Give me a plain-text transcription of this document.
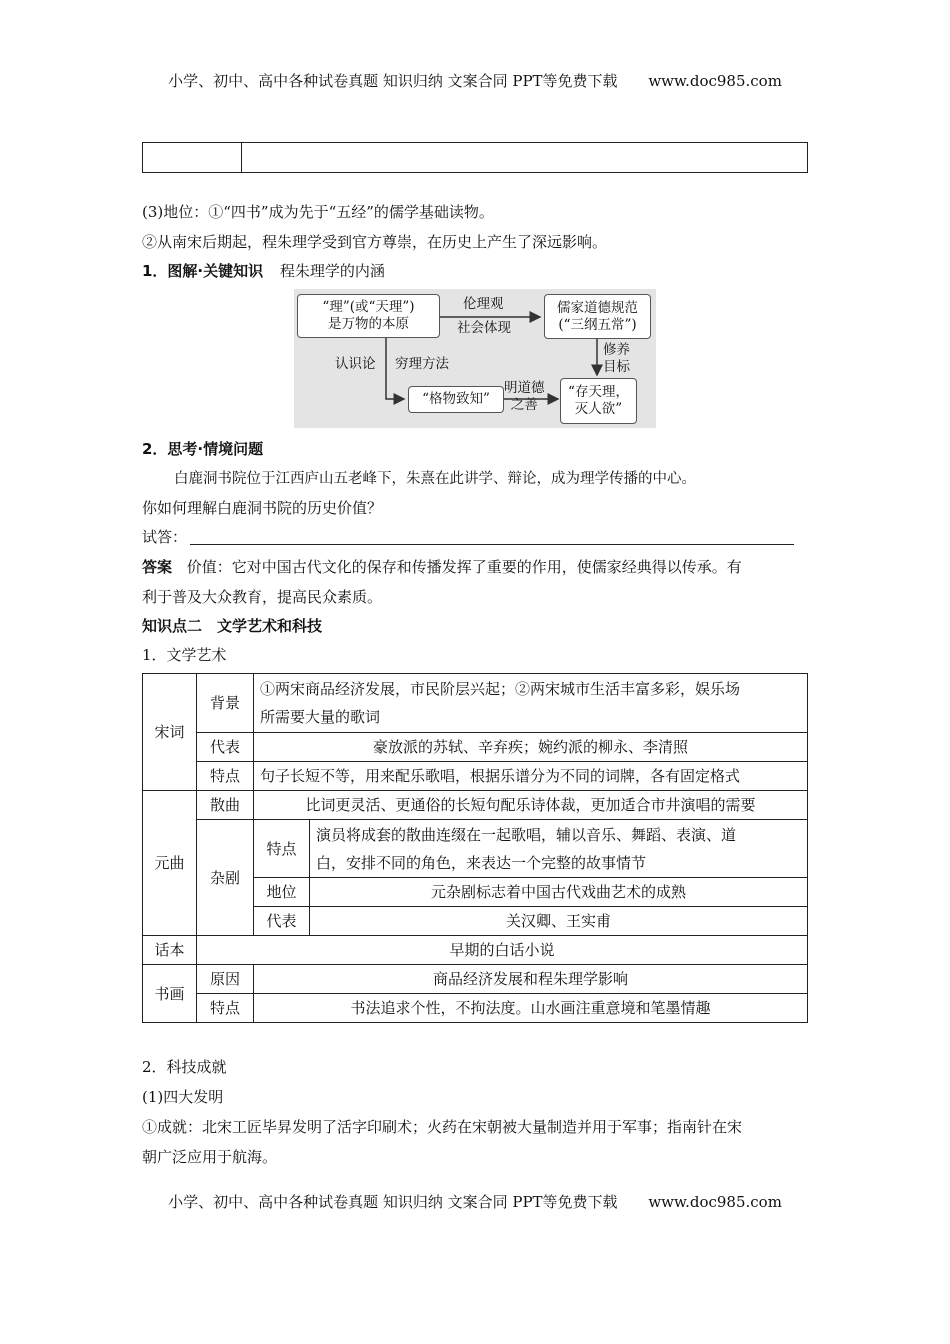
小学、初中、高中各种试卷真题 知识归纳 文案合同 PPT等免费下载 www.doc985.com

(3)地位：①“四书”成为先于“五经”的儒学基础读物。
②从南宋后期起，程朱理学受到官方尊崇，在历史上产生了深远影响。
1．图解·关键知识 程朱理学的内涵
“理”(或“天理”)
是万物的本原
儒家道德规范
(“三纲五常”)
“格物致知”	“存天理，
灭人欲”
伦理观
社会体现
认识论 穷理方法
明道德
之善
修养
目标
2．思考·情境问题
白鹿洞书院位于江西庐山五老峰下，朱熹在此讲学、辩论，成为理学传播的中心。
你如何理解白鹿洞书院的历史价值？
试答：
答案 价值：它对中国古代文化的保存和传播发挥了重要的作用，使儒家经典得以传承。有
利于普及大众教育，提高民众素质。
知识点二　文学艺术和科技
1．文学艺术
宋词	背景	①两宋商品经济发展，市民阶层兴起；②两宋城市生活丰富多彩，娱乐场
所需要大量的歌词	

	代表	豪放派的苏轼、辛弃疾；婉约派的柳永、李清照	
	特点	句子长短不等，用来配乐歌唱，根据乐谱分为不同的词牌，各有固定格式	
元曲	散曲	比词更灵活、更通俗的长短句配乐诗体裁，更加适合市井演唱的需要	
	杂剧	特点	演员将成套的散曲连缀在一起歌唱，辅以音乐、舞蹈、表演、道
白，安排不同的角色，来表达一个完整的故事情节

		地位	元杂剧标志着中国古代戏曲艺术的成熟
		代表	关汉卿、王实甫
话本	早期的白话小说		
书画	原因	商品经济发展和程朱理学影响	
	特点	书法追求个性，不拘法度。山水画注重意境和笔墨情趣	
2．科技成就
(1)四大发明
①成就：北宋工匠毕昇发明了活字印刷术；火药在宋朝被大量制造并用于军事；指南针在宋
朝广泛应用于航海。
小学、初中、高中各种试卷真题 知识归纳 文案合同 PPT等免费下载 www.doc985.com
